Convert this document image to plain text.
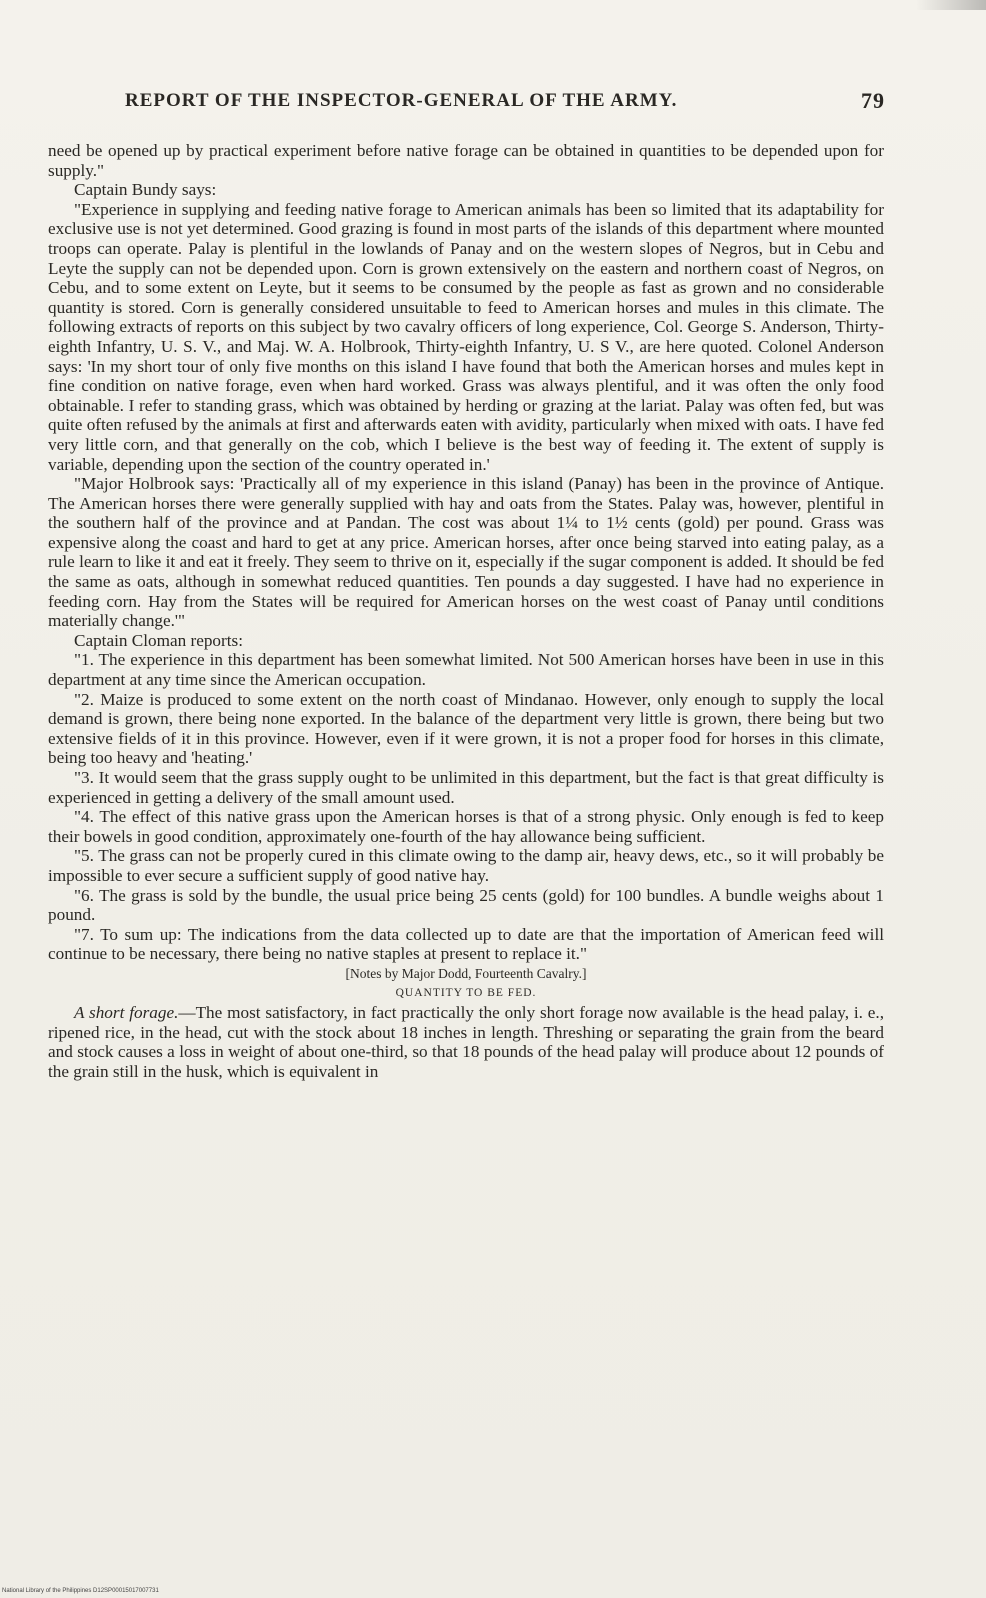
REPORT OF THE INSPECTOR-GENERAL OF THE ARMY.	79

need be opened up by practical experiment before native forage can be obtained in quantities to be depended upon for supply."

Captain Bundy says:

"Experience in supplying and feeding native forage to American animals has been so limited that its adaptability for exclusive use is not yet determined. Good grazing is found in most parts of the islands of this department where mounted troops can operate. Palay is plentiful in the lowlands of Panay and on the western slopes of Negros, but in Cebu and Leyte the supply can not be depended upon. Corn is grown extensively on the eastern and northern coast of Negros, on Cebu, and to some extent on Leyte, but it seems to be consumed by the people as fast as grown and no considerable quantity is stored. Corn is generally considered unsuitable to feed to American horses and mules in this climate. The following extracts of reports on this subject by two cavalry officers of long experience, Col. George S. Anderson, Thirty-eighth Infantry, U. S. V., and Maj. W. A. Holbrook, Thirty-eighth Infantry, U. S V., are here quoted. Colonel Anderson says: 'In my short tour of only five months on this island I have found that both the American horses and mules kept in fine condition on native forage, even when hard worked. Grass was always plentiful, and it was often the only food obtainable. I refer to standing grass, which was obtained by herding or grazing at the lariat. Palay was often fed, but was quite often refused by the animals at first and afterwards eaten with avidity, particularly when mixed with oats. I have fed very little corn, and that generally on the cob, which I believe is the best way of feeding it. The extent of supply is variable, depending upon the section of the country operated in.'

"Major Holbrook says: 'Practically all of my experience in this island (Panay) has been in the province of Antique. The American horses there were generally supplied with hay and oats from the States. Palay was, however, plentiful in the southern half of the province and at Pandan. The cost was about 1¼ to 1½ cents (gold) per pound. Grass was expensive along the coast and hard to get at any price. American horses, after once being starved into eating palay, as a rule learn to like it and eat it freely. They seem to thrive on it, especially if the sugar component is added. It should be fed the same as oats, although in somewhat reduced quantities. Ten pounds a day suggested. I have had no experience in feeding corn. Hay from the States will be required for American horses on the west coast of Panay until conditions materially change.'"

Captain Cloman reports:

"1. The experience in this department has been somewhat limited. Not 500 American horses have been in use in this department at any time since the American occupation.

"2. Maize is produced to some extent on the north coast of Mindanao. However, only enough to supply the local demand is grown, there being none exported. In the balance of the department very little is grown, there being but two extensive fields of it in this province. However, even if it were grown, it is not a proper food for horses in this climate, being too heavy and 'heating.'

"3. It would seem that the grass supply ought to be unlimited in this department, but the fact is that great difficulty is experienced in getting a delivery of the small amount used.

"4. The effect of this native grass upon the American horses is that of a strong physic. Only enough is fed to keep their bowels in good condition, approximately one-fourth of the hay allowance being sufficient.

"5. The grass can not be properly cured in this climate owing to the damp air, heavy dews, etc., so it will probably be impossible to ever secure a sufficient supply of good native hay.

"6. The grass is sold by the bundle, the usual price being 25 cents (gold) for 100 bundles. A bundle weighs about 1 pound.

"7. To sum up: The indications from the data collected up to date are that the importation of American feed will continue to be necessary, there being no native staples at present to replace it."

[Notes by Major Dodd, Fourteenth Cavalry.]

QUANTITY TO BE FED.

A short forage.—The most satisfactory, in fact practically the only short forage now available is the head palay, i. e., ripened rice, in the head, cut with the stock about 18 inches in length. Threshing or separating the grain from the beard and stock causes a loss in weight of about one-third, so that 18 pounds of the head palay will produce about 12 pounds of the grain still in the husk, which is equivalent in

National Library of the Philippines D12SP00015017007731
